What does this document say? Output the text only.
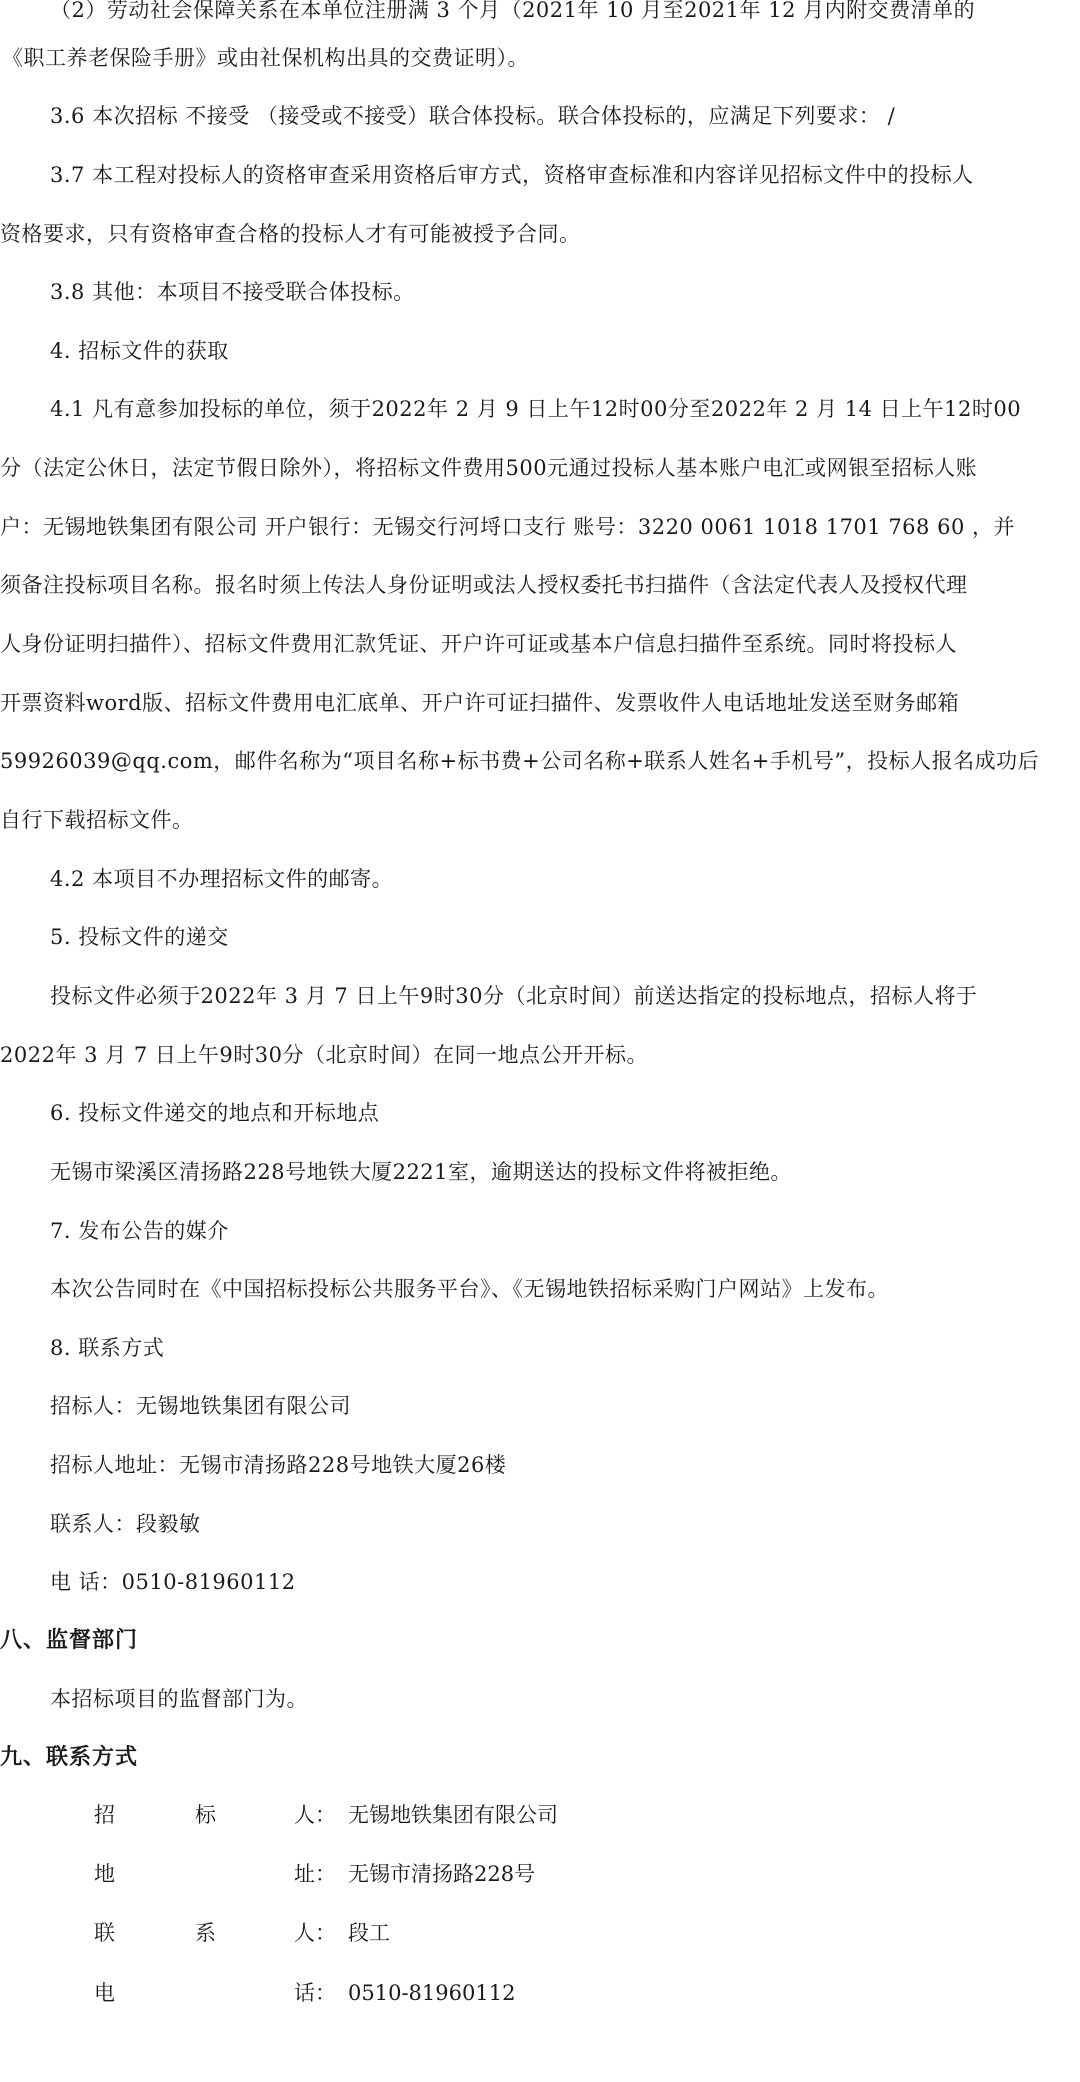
（2）劳动社会保障关系在本单位注册满 3 个月（2021年 10 月至2021年 12 月内附交费清单的
《职工养老保险手册》或由社保机构出具的交费证明）。
3.6 本次招标 不接受 （接受或不接受）联合体投标。联合体投标的，应满足下列要求： /
3.7 本工程对投标人的资格审查采用资格后审方式，资格审查标准和内容详见招标文件中的投标人
资格要求，只有资格审查合格的投标人才有可能被授予合同。
3.8 其他：本项目不接受联合体投标。
4. 招标文件的获取
4.1 凡有意参加投标的单位，须于2022年 2 月 9 日上午12时00分至2022年 2 月 14 日上午12时00
分（法定公休日，法定节假日除外），将招标文件费用500元通过投标人基本账户电汇或网银至招标人账
户：无锡地铁集团有限公司 开户银行：无锡交行河埒口支行 账号：3220 0061 1018 1701 768 60 ，并
须备注投标项目名称。报名时须上传法人身份证明或法人授权委托书扫描件（含法定代表人及授权代理
人身份证明扫描件）、招标文件费用汇款凭证、开户许可证或基本户信息扫描件至系统。同时将投标人
开票资料word版、招标文件费用电汇底单、开户许可证扫描件、发票收件人电话地址发送至财务邮箱
59926039@qq.com，邮件名称为“项目名称+标书费+公司名称+联系人姓名+手机号”，投标人报名成功后
自行下载招标文件。
4.2 本项目不办理招标文件的邮寄。
5. 投标文件的递交
投标文件必须于2022年 3 月 7 日上午9时30分（北京时间）前送达指定的投标地点，招标人将于
2022年 3 月 7 日上午9时30分（北京时间）在同一地点公开开标。
6. 投标文件递交的地点和开标地点
无锡市梁溪区清扬路228号地铁大厦2221室，逾期送达的投标文件将被拒绝。
7. 发布公告的媒介
本次公告同时在《中国招标投标公共服务平台》、《无锡地铁招标采购门户网站》上发布。
8. 联系方式
招标人：无锡地铁集团有限公司
招标人地址：无锡市清扬路228号地铁大厦26楼
联系人：段毅敏
电 话：0510-81960112
八、监督部门
本招标项目的监督部门为。
九、联系方式
招	标	人： 无锡地铁集团有限公司
地	址： 无锡市清扬路228号
联	系	人： 段工
电	话： 0510-81960112
